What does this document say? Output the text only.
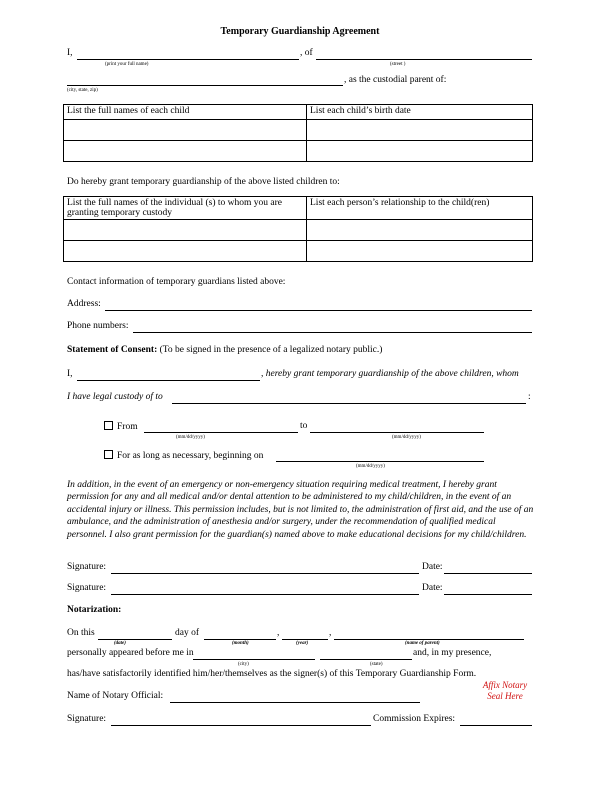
Temporary Guardianship Agreement
I,	, of
(print your full name)	(street )
, as the custodial parent of:
(city, state, zip)
List the full names of each child	List each child’s birth date

Do hereby grant temporary guardianship of the above listed children to:
List the full names of the individual (s) to whom you are
granting temporary custody	List each person’s relationship to the child(ren)

Contact information of temporary guardians listed above:
Address:
Phone numbers:
Statement of Consent: (To be signed in the presence of a legalized notary public.)
I,	, hereby grant temporary guardianship of the above children, whom
I have legal custody of to	:
From	to
(mm/dd/yyyy)	(mm/dd/yyyy)
For as long as necessary, beginning on
(mm/dd/yyyy)
In addition, in the event of an emergency or non-emergency situation requiring medical treatment, I hereby grant permission for any and all medical and/or dental attention to be administered to my child/children, in the event of an accidental injury or illness. This permission includes, but is not limited to, the administration of first aid, and the use of an ambulance, and the administration of anesthesia and/or surgery, under the recommendation of qualified medical personnel. I also grant permission for the guardian(s) named above to make educational decisions for my child/children.
Signature:	Date:
Signature:	Date:
Notarization:
On this	day of	,	,
(date)	(month)	(year)	(name of parent)
personally appeared before me in	and, in my presence,
(city)	(state)
has/have satisfactorily identified him/her/themselves as the signer(s) of this Temporary Guardianship Form.
Name of Notary Official:
Affix Notary
Seal Here
Signature:	Commission Expires:
